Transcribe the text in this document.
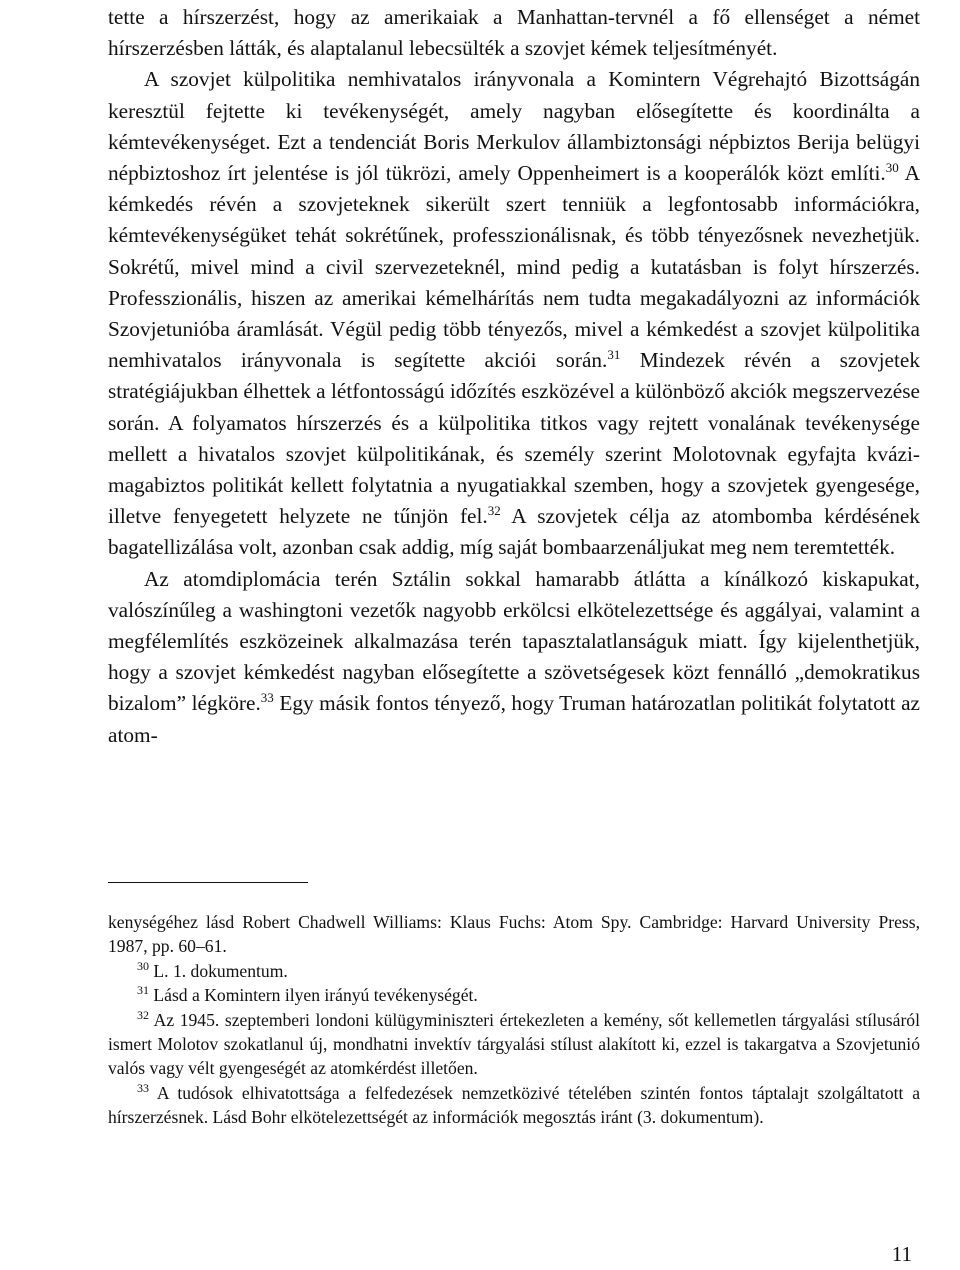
tette a hírszerzést, hogy az amerikaiak a Manhattan-tervnél a fő ellenséget a német hírszerzésben látták, és alaptalanul lebecsülték a szovjet kémek teljesítményét.

A szovjet külpolitika nemhivatalos irányvonala a Komintern Végrehajtó Bizottságán keresztül fejtette ki tevékenységét, amely nagyban elősegítette és koordinálta a kémtevékenységet. Ezt a tendenciát Boris Merkulov állambiztonsági népbiztos Berija belügyi népbiztoshoz írt jelentése is jól tükrözi, amely Oppenheimert is a kooperálók közt említi.$^{30}$ A kémkedés révén a szovjeteknek sikerült szert tenniük a legfontosabb információkra, kémtevékenységüket tehát sokrétűnek, professzionálisnak, és több tényezősnek nevezhetjük. Sokrétű, mivel mind a civil szervezeteknél, mind pedig a kutatásban is folyt hírszerzés. Professzionális, hiszen az amerikai kémelhárítás nem tudta megakadályozni az információk Szovjetunióba áramlását. Végül pedig több tényezős, mivel a kémkedést a szovjet külpolitika nemhivatalos irányvonala is segítette akciói során.$^{31}$ Mindezek révén a szovjetek stratégiájukban élhettek a létfontosságú időzítés eszközével a különböző akciók megszervezése során. A folyamatos hírszerzés és a külpolitika titkos vagy rejtett vonalának tevékenysége mellett a hivatalos szovjet külpolitikának, és személy szerint Molotovnak egyfajta kvázi-magabiztos politikát kellett folytatnia a nyugatiakkal szemben, hogy a szovjetek gyengesége, illetve fenyegetett helyzete ne tűnjön fel.$^{32}$ A szovjetek célja az atombomba kérdésének bagatellizálása volt, azonban csak addig, míg saját bombaarzenáljukat meg nem teremtették.

Az atomdiplomácia terén Sztálin sokkal hamarabb átlátta a kínálkozó kiskapukat, valószínűleg a washingtoni vezetők nagyobb erkölcsi elkötelezettsége és aggályai, valamint a megfélemlítés eszközeinek alkalmazása terén tapasztalatlanságuk miatt. Így kijelenthetjük, hogy a szovjet kémkedést nagyban elősegítette a szövetségesek közt fennálló „demokratikus bizalom” légköre.$^{33}$ Egy másik fontos tényező, hogy Truman határozatlan politikát folytatott az atom-

kenységéhez lásd Robert Chadwell Williams: Klaus Fuchs: Atom Spy. Cambridge: Harvard University Press, 1987, pp. 60–61.

$^{30}$ L. 1. dokumentum.

$^{31}$ Lásd a Komintern ilyen irányú tevékenységét.

$^{32}$ Az 1945. szeptemberi londoni külügyminiszteri értekezleten a kemény, sőt kellemetlen tárgyalási stílusáról ismert Molotov szokatlanul új, mondhatni invektív tárgyalási stílust alakított ki, ezzel is takargatva a Szovjetunió valós vagy vélt gyengeségét az atomkérdést illetően.

$^{33}$ A tudósok elhivatottsága a felfedezések nemzetközivé tételében szintén fontos táptalajt szolgáltatott a hírszerzésnek. Lásd Bohr elkötelezettségét az információk megosztás iránt (3. dokumentum).

11
